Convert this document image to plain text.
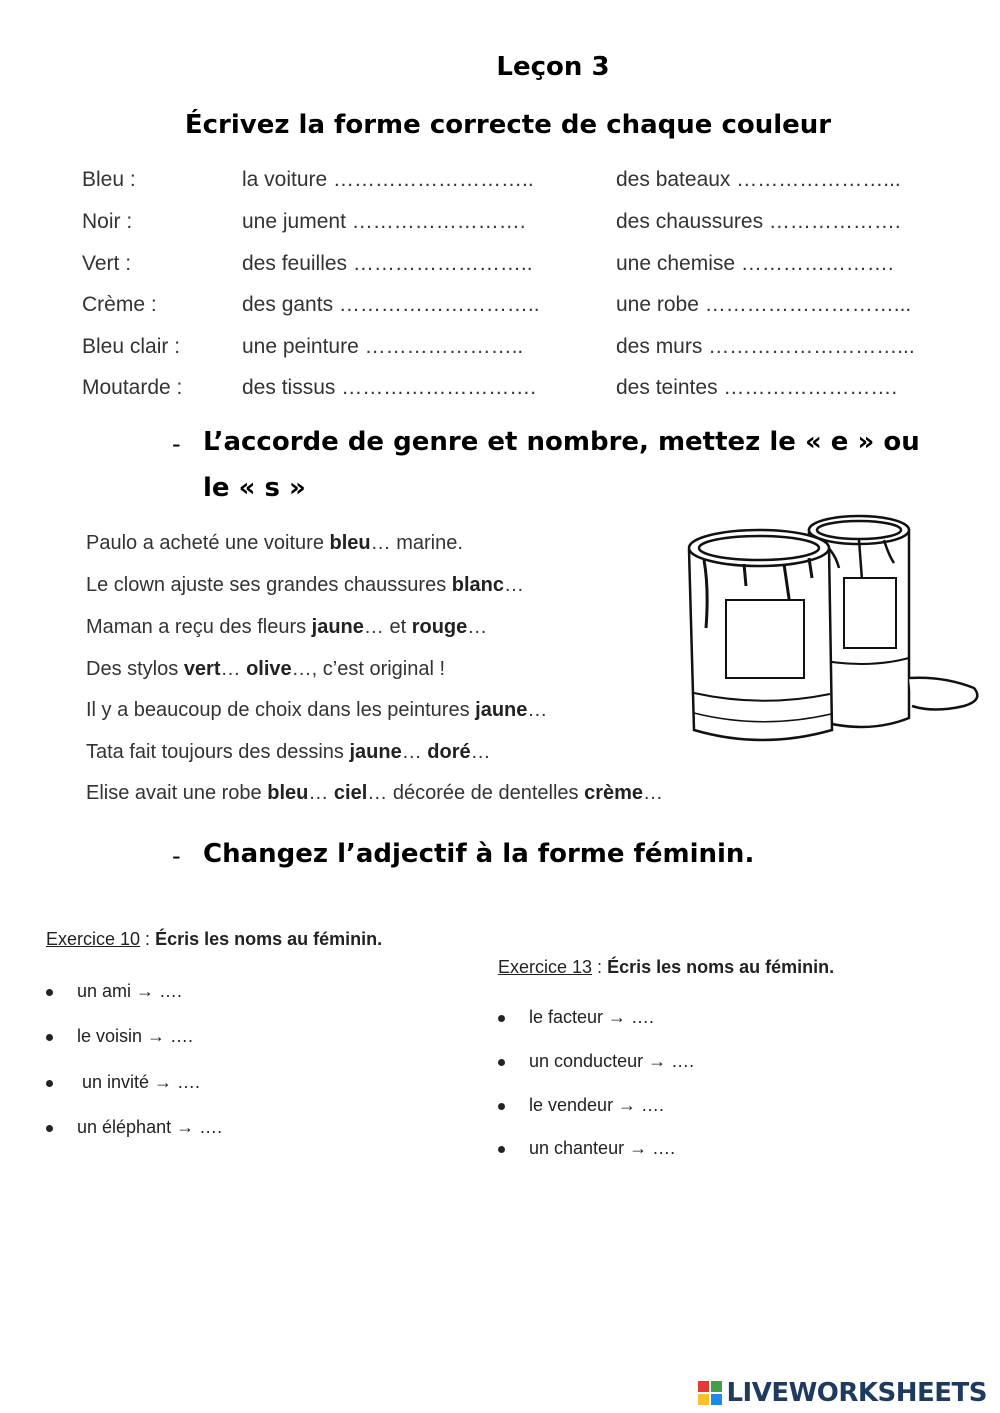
Leçon 3
Écrivez la forme correcte de chaque couleur
Bleu :	la voiture ………………………..	des bateaux …………………...
Noir :	une jument …………………….	des chaussures ……………….
Vert :	des feuilles ……………………..	une chemise ………………….
Crème :	des gants ………………………..	une robe ………………………...
Bleu clair :	une peinture …………………..	des murs ………………………...
Moutarde :	des tissus ……………………….	des teintes …………………….
- L’accorde de genre et nombre, mettez le « e » ou
le « s »
Paulo a acheté une voiture bleu… marine.
Le clown ajuste ses grandes chaussures blanc…
Maman a reçu des fleurs jaune… et rouge…
Des stylos vert… olive…, c’est original !
Il y a beaucoup de choix dans les peintures jaune…
Tata fait toujours des dessins jaune… doré…
Elise avait une robe bleu… ciel… décorée de dentelles crème…
- Changez l’adjectif à la forme féminin.
Exercice 10 : Écris les noms au féminin.
un ami → ….
le voisin → ….
un invité → ….
un éléphant → ….
Exercice 13 : Écris les noms au féminin.
le facteur → ….
un conducteur → ….
le vendeur → ….
un chanteur → ….
LIVEWORKSHEETS
